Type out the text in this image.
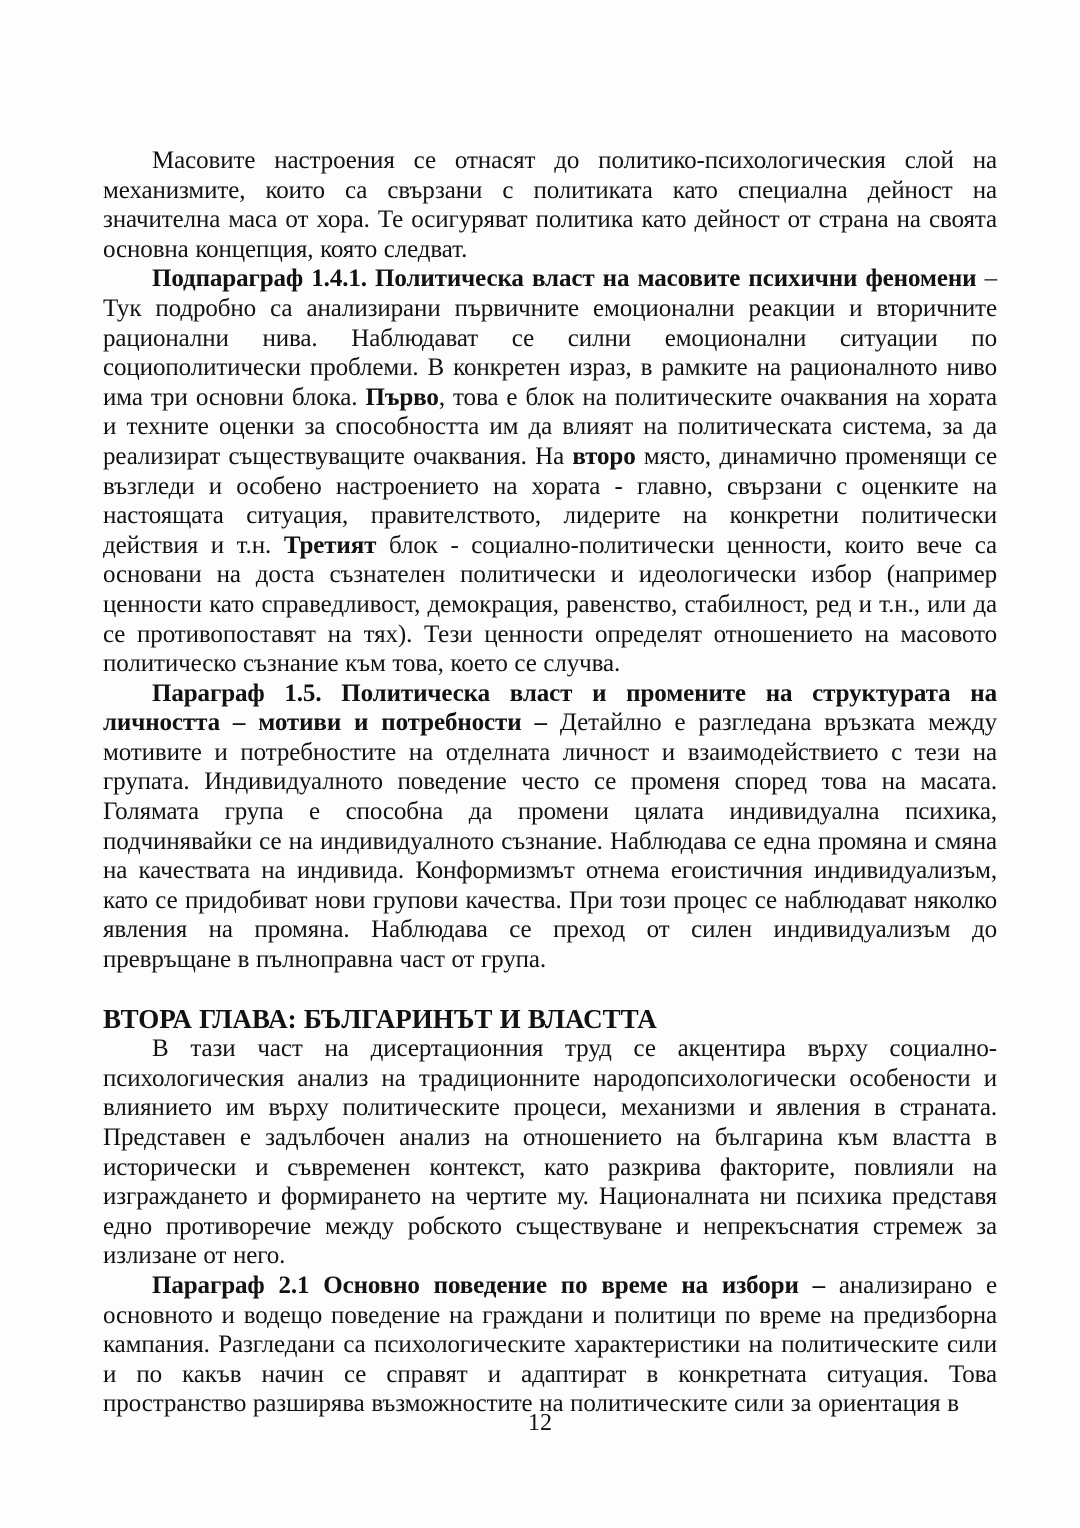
Масовите настроения се отнасят до политико-психологическия слой на механизмите, които са свързани с политиката като специална дейност на значителна маса от хора. Те осигуряват политика като дейност от страна на своята основна концепция, която следват.

Подпараграф 1.4.1. Политическа власт на масовите психични феномени – Тук подробно са анализирани първичните емоционални реакции и вторичните рационални нива. Наблюдават се силни емоционални ситуации по социополитически проблеми. В конкретен израз, в рамките на рационалното ниво има три основни блока. Първо, това е блок на политическите очаквания на хората и техните оценки за способността им да влияят на политическата система, за да реализират съществуващите очаквания. На второ място, динамично променящи се възгледи и особено настроението на хората - главно, свързани с оценките на настоящата ситуация, правителството, лидерите на конкретни политически действия и т.н. Третият блок - социално-политически ценности, които вече са основани на доста съзнателен политически и идеологически избор (например ценности като справедливост, демокрация, равенство, стабилност, ред и т.н., или да се противопоставят на тях). Тези ценности определят отношението на масовото политическо съзнание към това, което се случва.

Параграф 1.5. Политическа власт и промените на структурата на личността – мотиви и потребности – Детайлно е разгледана връзката между мотивите и потребностите на отделната личност и взаимодействието с тези на групата. Индивидуалното поведение често се променя според това на масата. Голямата група е способна да промени цялата индивидуална психика, подчинявайки се на индивидуалното съзнание. Наблюдава се една промяна и смяна на качествата на индивида. Конформизмът отнема егоистичния индивидуализъм, като се придобиват нови групови качества. При този процес се наблюдават няколко явления на промяна. Наблюдава се преход от силен индивидуализъм до превръщане в пълноправна част от група.

ВТОРА ГЛАВА: БЪЛГАРИНЪТ И ВЛАСТТА

В тази част на дисертационния труд се акцентира върху социално-психологическия анализ на традиционните народопсихологически особености и влиянието им върху политическите процеси, механизми и явления в страната. Представен е задълбочен анализ на отношението на българина към властта в исторически и съвременен контекст, като разкрива факторите, повлияли на изграждането и формирането на чертите му. Националната ни психика представя едно противоречие между робското съществуване и непрекъснатия стремеж за излизане от него.

Параграф 2.1 Основно поведение по време на избори – анализирано е основното и водещо поведение на граждани и политици по време на предизборна кампания. Разгледани са психологическите характеристики на политическите сили и по какъв начин се справят и адаптират в конкретната ситуация. Това пространство разширява възможностите на политическите сили за ориентация в

12
